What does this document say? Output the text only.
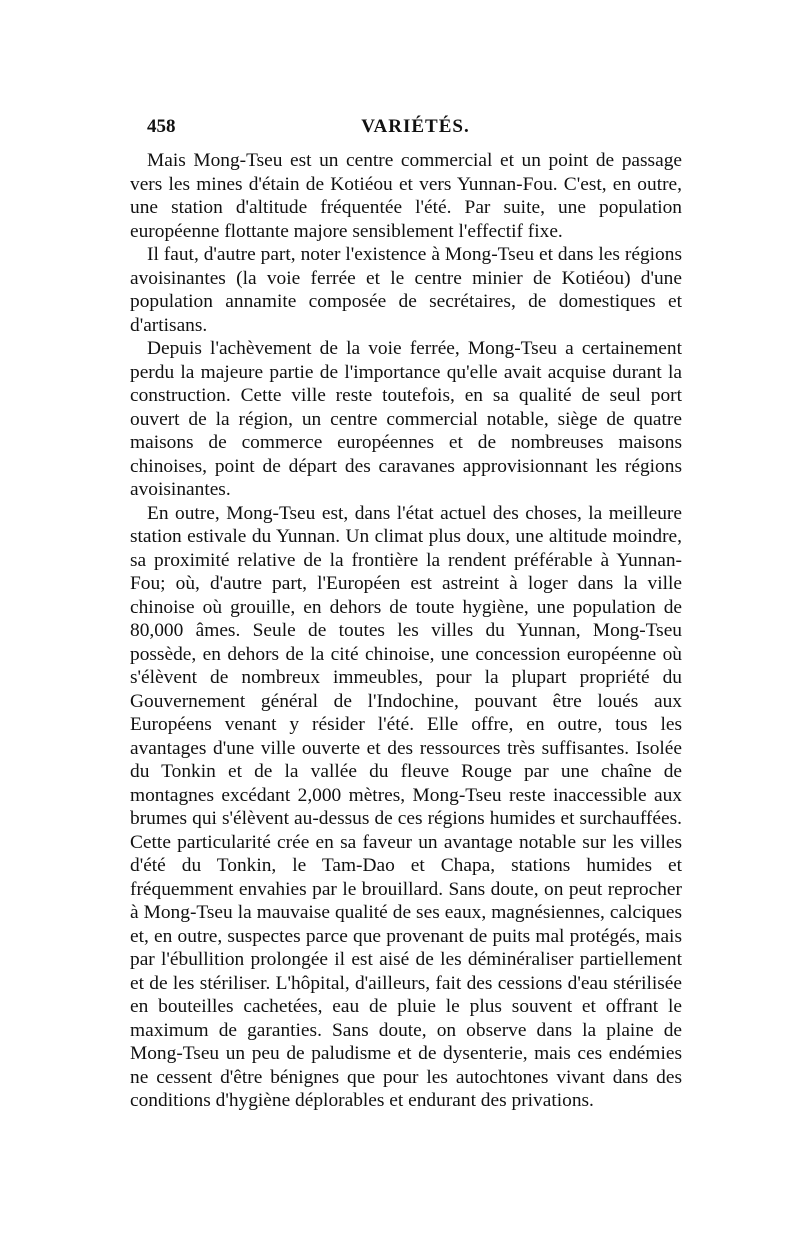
458	VARIÉTÉS.

Mais Mong-Tseu est un centre commercial et un point de passage vers les mines d'étain de Kotiéou et vers Yunnan-Fou. C'est, en outre, une station d'altitude fréquentée l'été. Par suite, une population européenne flottante majore sensiblement l'effectif fixe.

Il faut, d'autre part, noter l'existence à Mong-Tseu et dans les régions avoisinantes (la voie ferrée et le centre minier de Kotiéou) d'une population annamite composée de secrétaires, de domestiques et d'artisans.

Depuis l'achèvement de la voie ferrée, Mong-Tseu a certainement perdu la majeure partie de l'importance qu'elle avait acquise durant la construction. Cette ville reste toutefois, en sa qualité de seul port ouvert de la région, un centre commercial notable, siège de quatre maisons de commerce européennes et de nombreuses maisons chinoises, point de départ des caravanes approvisionnant les régions avoisinantes.

En outre, Mong-Tseu est, dans l'état actuel des choses, la meilleure station estivale du Yunnan. Un climat plus doux, une altitude moindre, sa proximité relative de la frontière la rendent préférable à Yunnan-Fou; où, d'autre part, l'Européen est astreint à loger dans la ville chinoise où grouille, en dehors de toute hygiène, une population de 80,000 âmes. Seule de toutes les villes du Yunnan, Mong-Tseu possède, en dehors de la cité chinoise, une concession européenne où s'élèvent de nombreux immeubles, pour la plupart propriété du Gouvernement général de l'Indochine, pouvant être loués aux Européens venant y résider l'été. Elle offre, en outre, tous les avantages d'une ville ouverte et des ressources très suffisantes. Isolée du Tonkin et de la vallée du fleuve Rouge par une chaîne de montagnes excédant 2,000 mètres, Mong-Tseu reste inaccessible aux brumes qui s'élèvent au-dessus de ces régions humides et surchauffées. Cette particularité crée en sa faveur un avantage notable sur les villes d'été du Tonkin, le Tam-Dao et Chapa, stations humides et fréquemment envahies par le brouillard. Sans doute, on peut reprocher à Mong-Tseu la mauvaise qualité de ses eaux, magnésiennes, calciques et, en outre, suspectes parce que provenant de puits mal protégés, mais par l'ébullition prolongée il est aisé de les déminéraliser partiellement et de les stériliser. L'hôpital, d'ailleurs, fait des cessions d'eau stérilisée en bouteilles cachetées, eau de pluie le plus souvent et offrant le maximum de garanties. Sans doute, on observe dans la plaine de Mong-Tseu un peu de paludisme et de dysenterie, mais ces endémies ne cessent d'être bénignes que pour les autochtones vivant dans des conditions d'hygiène déplorables et endurant des privations.
